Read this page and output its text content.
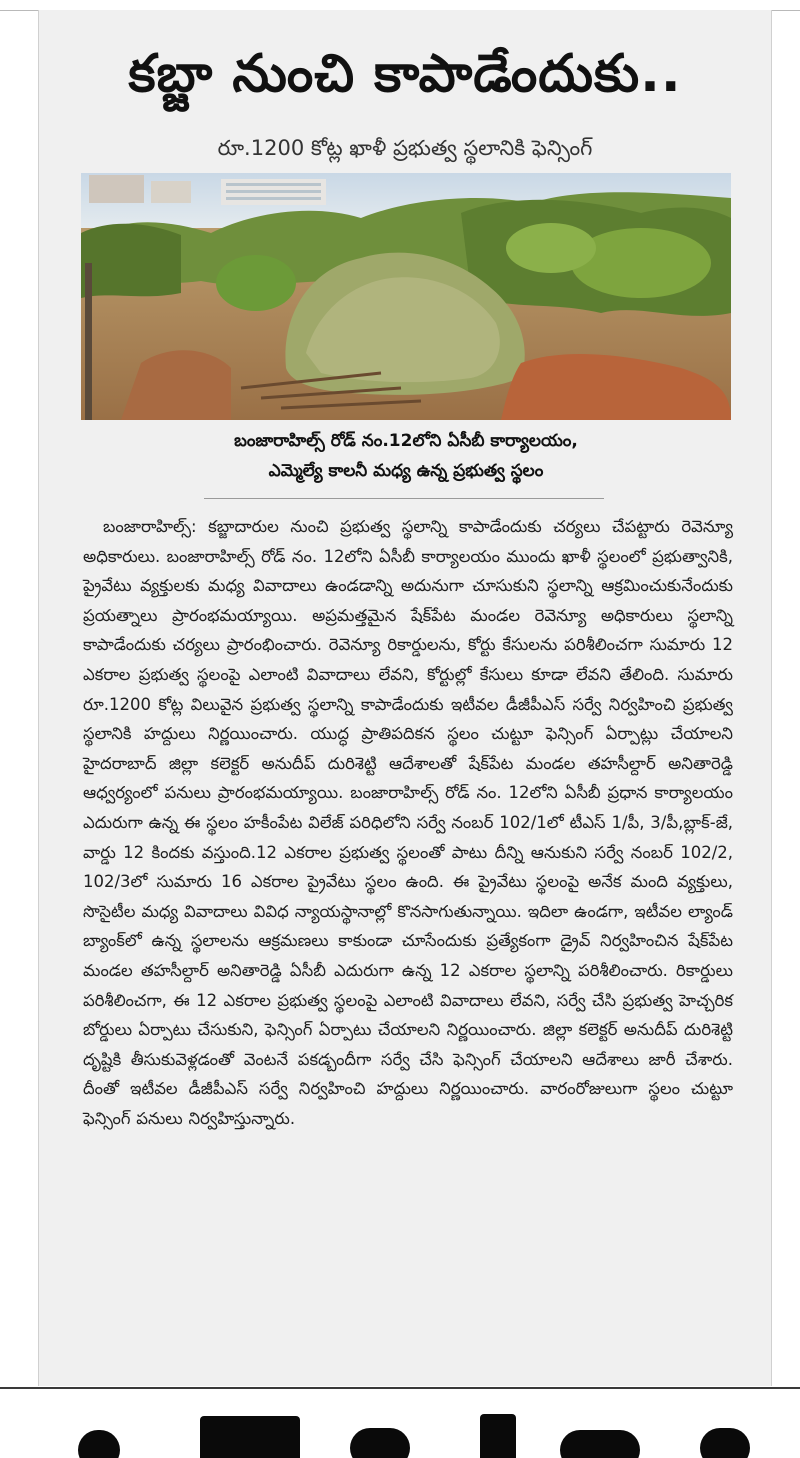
కబ్జా నుంచి కాపాడేందుకు..
రూ.1200 కోట్ల ఖాళీ ప్రభుత్వ స్థలానికి ఫెన్సింగ్
బంజారాహిల్స్ రోడ్ నం.12లోని ఏసీబీ కార్యాలయం,
ఎమ్మెల్యే కాలనీ మధ్య ఉన్న ప్రభుత్వ స్థలం

బంజారాహిల్స్‌: కబ్జాదారుల నుంచి ప్రభుత్వ స్థలాన్ని కాపాడేందుకు చర్యలు చేపట్టారు రెవెన్యూ అధికారులు. బంజారాహిల్స్‌ రోడ్‌ నం. 12లోని ఏసీబీ కార్యాలయం ముందు ఖాళీ స్థలంలో ప్రభుత్వానికి, ప్రైవేటు వ్యక్తులకు మధ్య వివాదాలు ఉండడాన్ని అదునుగా చూసుకుని స్థలాన్ని ఆక్రమించుకునేందుకు ప్రయత్నాలు ప్రారంభమయ్యాయి. అప్రమత్తమైన షేక్‌పేట మండల రెవెన్యూ అధికారులు స్థలాన్ని కాపాడేందుకు చర్యలు ప్రారంభించారు. రెవెన్యూ రికార్డులను, కోర్టు కేసులను పరిశీలించగా సుమారు 12 ఎకరాల ప్రభుత్వ స్థలంపై ఎలాంటి వివాదాలు లేవని, కోర్టుల్లో కేసులు కూడా లేవని తేలింది. సుమారు రూ.1200 కోట్ల విలువైన ప్రభుత్వ స్థలాన్ని కాపాడేందుకు ఇటీవల డీజీపీఎస్‌ సర్వే నిర్వహించి ప్రభుత్వ స్థలానికి హద్దులు నిర్ణయించారు. యుద్ధ ప్రాతిపదికన స్థలం చుట్టూ ఫెన్సింగ్‌ ఏర్పాట్లు చేయాలని హైదరాబాద్‌ జిల్లా కలెక్టర్‌ అనుదీప్‌ దురిశెట్టి ఆదేశాలతో షేక్‌పేట మండల తహసీల్దార్‌ అనితారెడ్డి ఆధ్వర్యంలో పనులు ప్రారంభమయ్యాయి. బంజారాహిల్స్‌ రోడ్‌ నం. 12లోని ఏసీబీ ప్రధాన కార్యాలయం ఎదురుగా ఉన్న ఈ స్థలం హకీంపేట విలేజ్‌ పరిధిలోని సర్వే నంబర్‌ 102/1లో టీఎస్‌ 1/పీ, 3/పీ,బ్లాక్‌-జే, వార్డు 12 కిందకు వస్తుంది.12 ఎకరాల ప్రభుత్వ స్థలంతో పాటు దీన్ని ఆనుకుని సర్వే నంబర్‌ 102/2, 102/3లో సుమారు 16 ఎకరాల ప్రైవేటు స్థలం ఉంది. ఈ ప్రైవేటు స్థలంపై అనేక మంది వ్యక్తులు, సొసైటీల మధ్య వివాదాలు వివిధ న్యాయస్థానాల్లో కొనసాగుతున్నాయి. ఇదిలా ఉండగా, ఇటీవల ల్యాండ్‌ బ్యాంక్‌లో ఉన్న స్థలాలను ఆక్రమణలు కాకుండా చూసేందుకు ప్రత్యేకంగా డ్రైవ్‌ నిర్వహించిన షేక్‌పేట మండల తహసీల్దార్‌ అనితారెడ్డి ఏసీబీ ఎదురుగా ఉన్న 12 ఎకరాల స్థలాన్ని పరిశీలించారు. రికార్డులు పరిశీలించగా, ఈ 12 ఎకరాల ప్రభుత్వ స్థలంపై ఎలాంటి వివాదాలు లేవని, సర్వే చేసి ప్రభుత్వ హెచ్చరిక బోర్డులు ఏర్పాటు చేసుకుని, ఫెన్సింగ్‌ ఏర్పాటు చేయాలని నిర్ణయించారు. జిల్లా కలెక్టర్‌ అనుదీప్‌ దురిశెట్టి దృష్టికి తీసుకువెళ్లడంతో వెంటనే పకడ్బందీగా సర్వే చేసి ఫెన్సింగ్‌ చేయాలని ఆదేశాలు జారీ చేశారు. దీంతో ఇటీవల డీజీపీఎస్‌ సర్వే నిర్వహించి హద్దులు నిర్ణయించారు. వారంరోజులుగా స్థలం చుట్టూ ఫెన్సింగ్‌ పనులు నిర్వహిస్తున్నారు.
